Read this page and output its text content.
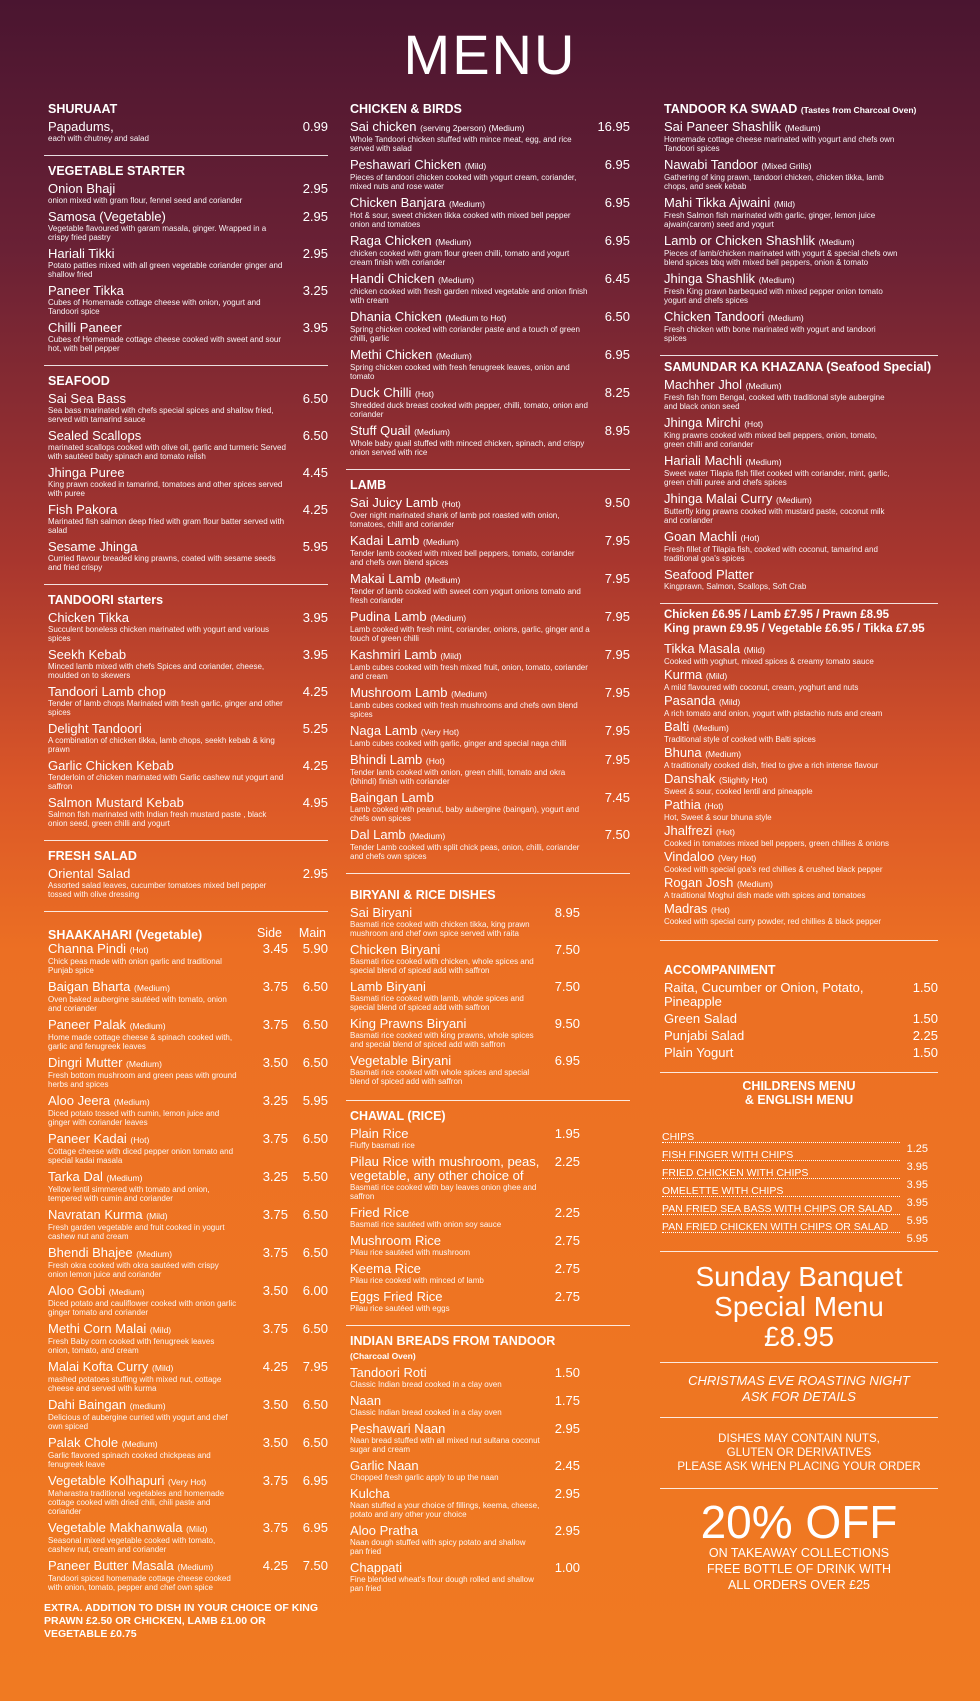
MENU
SHURUAAT
Papadums,
each with chutney and salad
0.99
VEGETABLE STARTER
Onion Bhaji
onion mixed with gram flour, fennel seed and coriander
2.95
Samosa (Vegetable)
Vegetable flavoured with garam masala, ginger. Wrapped in a crispy fried pastry
2.95
Hariali Tikki
Potato patties mixed with all green vegetable coriander ginger and shallow fried
2.95
Paneer Tikka
Cubes of Homemade cottage cheese with onion, yogurt and Tandoori spice
3.25
Chilli Paneer
Cubes of Homemade cottage cheese cooked with sweet and sour hot, with bell pepper
3.95
SEAFOOD
Sai Sea Bass
Sea bass marinated with chefs special spices and shallow fried, served with tamarind sauce
6.50
Sealed Scallops
marinated scallops cooked with olive oil, garlic and turmeric Served with sautéed baby spinach and tomato relish
6.50
Jhinga Puree
King prawn cooked in tamarind, tomatoes and other spices served with puree
4.45
Fish Pakora
Marinated fish salmon deep fried with gram flour batter served with salad
4.25
Sesame Jhinga
Curried flavour breaded king prawns, coated with sesame seeds and fried crispy
5.95
TANDOORI starters
Chicken Tikka
Succulent boneless chicken marinated with yogurt and various spices
3.95
Seekh Kebab
Minced lamb mixed with chefs Spices and coriander, cheese, moulded on to skewers
3.95
Tandoori Lamb chop
Tender of lamb chops Marinated with fresh garlic, ginger and other spices
4.25
Delight Tandoori
A combination of chicken tikka, lamb chops, seekh kebab & king prawn
5.25
Garlic Chicken Kebab
Tenderloin of chicken marinated with Garlic cashew nut yogurt and saffron
4.25
Salmon Mustard Kebab
Salmon fish marinated with Indian fresh mustard paste , black onion seed, green chilli and yogurt
4.95
FRESH SALAD
Oriental Salad
Assorted salad leaves, cucumber tomatoes mixed bell pepper tossed with olive dressing
2.95
SHAAKAHARI (Vegetable)	Side Main
Channa Pindi (Hot)
Chick peas made with onion garlic and traditional Punjab spice
3.45 5.90
Baigan Bharta (Medium)
Oven baked aubergine sautéed with tomato, onion and coriander
3.75 6.50
Paneer Palak (Medium)
Home made cottage cheese & spinach cooked with, garlic and fenugreek leaves
3.75 6.50
Dingri Mutter (Medium)
Fresh bottom mushroom and green peas with ground herbs and spices
3.50 6.50
Aloo Jeera (Medium)
Diced potato tossed with cumin, lemon juice and ginger with coriander leaves
3.25 5.95
Paneer Kadai (Hot)
Cottage cheese with diced pepper onion tomato and special kadai masala
3.75 6.50
Tarka Dal (Medium)
Yellow lentil simmered with tomato and onion, tempered with cumin and coriander
3.25 5.50
Navratan Kurma (Mild)
Fresh garden vegetable and fruit cooked in yogurt cashew nut and cream
3.75 6.50
Bhendi Bhajee (Medium)
Fresh okra cooked with okra sautéed with crispy onion lemon juice and coriander
3.75 6.50
Aloo Gobi (Medium)
Diced potato and cauliflower cooked with onion garlic ginger tomato and coriander
3.50 6.00
Methi Corn Malai (Mild)
Fresh Baby corn cooked with fenugreek leaves onion, tomato, and cream
3.75 6.50
Malai Kofta Curry (Mild)
mashed potatoes stuffing with mixed nut, cottage cheese and served with kurma
4.25 7.95
Dahi Baingan (medium)
Delicious of aubergine curried with yogurt and chef own spiced
3.50 6.50
Palak Chole (Medium)
Garlic flavored spinach cooked chickpeas and fenugreek leave
3.50 6.50
Vegetable Kolhapuri (Very Hot)
Maharastra traditional vegetables and homemade cottage cooked with dried chili, chili paste and coriander
3.75 6.95
Vegetable Makhanwala (Mild)
Seasonal mixed vegetable cooked with tomato, cashew nut, cream and coriander
3.75 6.95
Paneer Butter Masala (Medium)
Tandoori spiced homemade cottage cheese cooked with onion, tomato, pepper and chef own spice
4.25 7.50
EXTRA. ADDITION TO DISH IN YOUR CHOICE OF KING PRAWN £2.50 OR CHICKEN, LAMB £1.00 OR VEGETABLE £0.75
CHICKEN & BIRDS
Sai chicken (serving 2person) (Medium)
Whole Tandoori chicken stuffed with mince meat, egg, and rice served with salad
16.95
Peshawari Chicken (Mild)
Pieces of tandoori chicken cooked with yogurt cream, coriander, mixed nuts and rose water
6.95
Chicken Banjara (Medium)
Hot & sour, sweet chicken tikka cooked with mixed bell pepper onion and tomatoes
6.95
Raga Chicken (Medium)
chicken cooked with gram flour green chilli, tomato and yogurt cream finish with coriander
6.95
Handi Chicken (Medium)
chicken cooked with fresh garden mixed vegetable and onion finish with cream
6.45
Dhania Chicken (Medium to Hot)
Spring chicken cooked with coriander paste and a touch of green chilli, garlic
6.50
Methi Chicken (Medium)
Spring chicken cooked with fresh fenugreek leaves, onion and tomato
6.95
Duck Chilli (Hot)
Shredded duck breast cooked with pepper, chilli, tomato, onion and coriander
8.25
Stuff Quail (Medium)
Whole baby quail stuffed with minced chicken, spinach, and crispy onion served with rice
8.95
LAMB
Sai Juicy Lamb (Hot)
Over night marinated shank of lamb pot roasted with onion, tomatoes, chilli and coriander
9.50
Kadai Lamb (Medium)
Tender lamb cooked with mixed bell peppers, tomato, coriander and chefs own blend spices
7.95
Makai Lamb (Medium)
Tender of lamb cooked with sweet corn yogurt onions tomato and fresh coriander
7.95
Pudina Lamb (Medium)
Lamb cooked with fresh mint, coriander, onions, garlic, ginger and a touch of green chilli
7.95
Kashmiri Lamb (Mild)
Lamb cubes cooked with fresh mixed fruit, onion, tomato, coriander and cream
7.95
Mushroom Lamb (Medium)
Lamb cubes cooked with fresh mushrooms and chefs own blend spices
7.95
Naga Lamb (Very Hot)
Lamb cubes cooked with garlic, ginger and special naga chilli
7.95
Bhindi Lamb (Hot)
Tender lamb cooked with onion, green chilli, tomato and okra (bhindi) finish with coriander
7.95
Baingan Lamb
Lamb cooked with peanut, baby aubergine (baingan), yogurt and chefs own spices
7.45
Dal Lamb (Medium)
Tender Lamb cooked with split chick peas, onion, chilli, coriander and chefs own spices
7.50
BIRYANI & RICE DISHES
Sai Biryani
Basmati rice cooked with chicken tikka, king prawn mushroom and chef own spice served with raita
8.95
Chicken Biryani
Basmati rice cooked with chicken, whole spices and special blend of spiced add with saffron
7.50
Lamb Biryani
Basmati rice cooked with lamb, whole spices and special blend of spiced add with saffron
7.50
King Prawns Biryani
Basmati rice cooked with king prawns, whole spices and special blend of spiced add with saffron
9.50
Vegetable Biryani
Basmati rice cooked with whole spices and special blend of spiced add with saffron
6.95
CHAWAL (RICE)
Plain Rice
Fluffy basmati rice
1.95
Pilau Rice with mushroom, peas, vegetable, any other choice of
Basmati rice cooked with bay leaves onion ghee and saffron
2.25
Fried Rice
Basmati rice sautéed with onion soy sauce
2.25
Mushroom Rice
Pilau rice sautéed with mushroom
2.75
Keema Rice
Pilau rice cooked with minced of lamb
2.75
Eggs Fried Rice
Pilau rice sautéed with eggs
2.75
INDIAN BREADS FROM TANDOOR (Charcoal Oven)
Tandoori Roti
Classic Indian bread cooked in a clay oven
1.50
Naan
Classic Indian bread cooked in a clay oven
1.75
Peshawari Naan
Naan bread stuffed with all mixed nut sultana coconut sugar and cream
2.95
Garlic Naan
Chopped fresh garlic apply to up the naan
2.45
Kulcha
Naan stuffed a your choice of fillings, keema, cheese, potato and any other your choice
2.95
Aloo Pratha
Naan dough stuffed with spicy potato and shallow pan fried
2.95
Chappati
Fine blended wheat's flour dough rolled and shallow pan fried
1.00
TANDOOR KA SWAAD (Tastes from Charcoal Oven)
Sai Paneer Shashlik (Medium)
Homemade cottage cheese marinated with yogurt and chefs own Tandoori spices
Nawabi Tandoor (Mixed Grills)
Gathering of king prawn, tandoori chicken, chicken tikka, lamb chops, and seek kebab
Mahi Tikka Ajwaini (Mild)
Fresh Salmon fish marinated with garlic, ginger, lemon juice ajwain(carom) seed and yogurt
Lamb or Chicken Shashlik (Medium)
Pieces of lamb/chicken marinated with yogurt & special chefs own blend spices bbq with mixed bell peppers, onion & tomato
Jhinga Shashlik (Medium)
Fresh King prawn barbequed with mixed pepper onion tomato yogurt and chefs spices
Chicken Tandoori (Medium)
Fresh chicken with bone marinated with yogurt and tandoori spices
SAMUNDAR KA KHAZANA (Seafood Special)
Machher Jhol (Medium)
Fresh fish from Bengal, cooked with traditional style aubergine and black onion seed
Jhinga Mirchi (Hot)
King prawns cooked with mixed bell peppers, onion, tomato, green chilli and coriander
Hariali Machli (Medium)
Sweet water Tilapia fish fillet cooked with coriander, mint, garlic, green chilli puree and chefs spices
Jhinga Malai Curry (Medium)
Butterfly king prawns cooked with mustard paste, coconut milk and coriander
Goan Machli (Hot)
Fresh fillet of Tilapia fish, cooked with coconut, tamarind and traditional goa's spices
Seafood Platter
Kingprawn, Salmon, Scallops, Soft Crab
Chicken £6.95 / Lamb £7.95 / Prawn £8.95
King prawn £9.95 / Vegetable £6.95 / Tikka £7.95
Tikka Masala (Mild)
Cooked with yoghurt, mixed spices & creamy tomato sauce
Kurma (Mild)
A mild flavoured with coconut, cream, yoghurt and nuts
Pasanda (Mild)
A rich tomato and onion, yogurt with pistachio nuts and cream
Balti (Medium)
Traditional style of cooked with Balti spices
Bhuna (Medium)
A traditionally cooked dish, fried to give a rich intense flavour
Danshak (Slightly Hot)
Sweet & sour, cooked lentil and pineapple
Pathia (Hot)
Hot, Sweet & sour bhuna style
Jhalfrezi (Hot)
Cooked in tomatoes mixed bell peppers, green chillies & onions
Vindaloo (Very Hot)
Cooked with special goa's red chillies & crushed black pepper
Rogan Josh (Medium)
A traditional Moghul dish made with spices and tomatoes
Madras (Hot)
Cooked with special curry powder, red chillies & black pepper
ACCOMPANIMENT
Raita, Cucumber or Onion, Potato, Pineapple
1.50
Green Salad	1.50
Punjabi Salad	2.25
Plain Yogurt	1.50
CHILDRENS MENU
& ENGLISH MENU
CHIPS
1.25
FISH FINGER WITH CHIPS
3.95
FRIED CHICKEN WITH CHIPS
3.95
OMELETTE WITH CHIPS
3.95
PAN FRIED SEA BASS WITH CHIPS OR SALAD
5.95
PAN FRIED CHICKEN WITH CHIPS OR SALAD
5.95
Sunday Banquet
Special Menu
£8.95
CHRISTMAS EVE ROASTING NIGHT
ASK FOR DETAILS
DISHES MAY CONTAIN NUTS,
GLUTEN OR DERIVATIVES
PLEASE ASK WHEN PLACING YOUR ORDER
20% OFF
ON TAKEAWAY COLLECTIONS
FREE BOTTLE OF DRINK WITH
ALL ORDERS OVER £25
